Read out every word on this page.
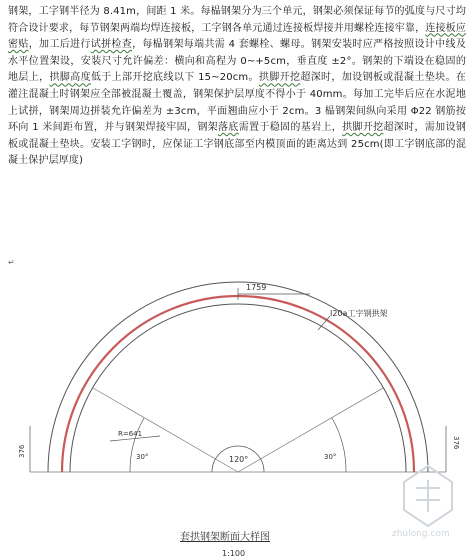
钢架，工字钢半径为 8.41m，间距 1 米。每榀钢架分为三个单元，钢架必须保证每节的弧度与尺寸均符合设计要求，每节钢架两端均焊连接板，工字钢各单元通过连接板焊接并用螺栓连接牢靠，连接板应密贴，加工后进行试拼检查，每榀钢架每端共需 4 套螺栓、螺母。钢架安装时应严格按照设计中线及水平位置架设，安装尺寸允许偏差：横向和高程为 0~+5cm，垂直度 ±2°。钢架的下端设在稳固的地层上，拱脚高度低于上部开挖底线以下 15~20cm。拱脚开挖超深时，加设钢板或混凝土垫块。在灌注混凝土时钢架应全部被混凝土覆盖，钢架保护层厚度不得小于 40mm。每加工完毕后应在水泥地上试拼，钢架周边拼装允许偏差为 ±3cm，平面翘曲应小于 2cm。3 榀钢架间纵向采用 Φ22 钢筋按环向 1 米间距布置，并与钢架焊接牢固，钢架落底需置于稳固的基岩上，拱脚开挖超深时，需加设钢板或混凝土垫块。安装工字钢时，应保证工字钢底部至内模顶面的距离达到 25cm(即工字钢底部的混凝土保护层厚度)
↵
1759
I20a工字钢拱架
R=641
120°
30°	30°
376
376
套拱钢架断面大样图
1:100
zhulong.com
